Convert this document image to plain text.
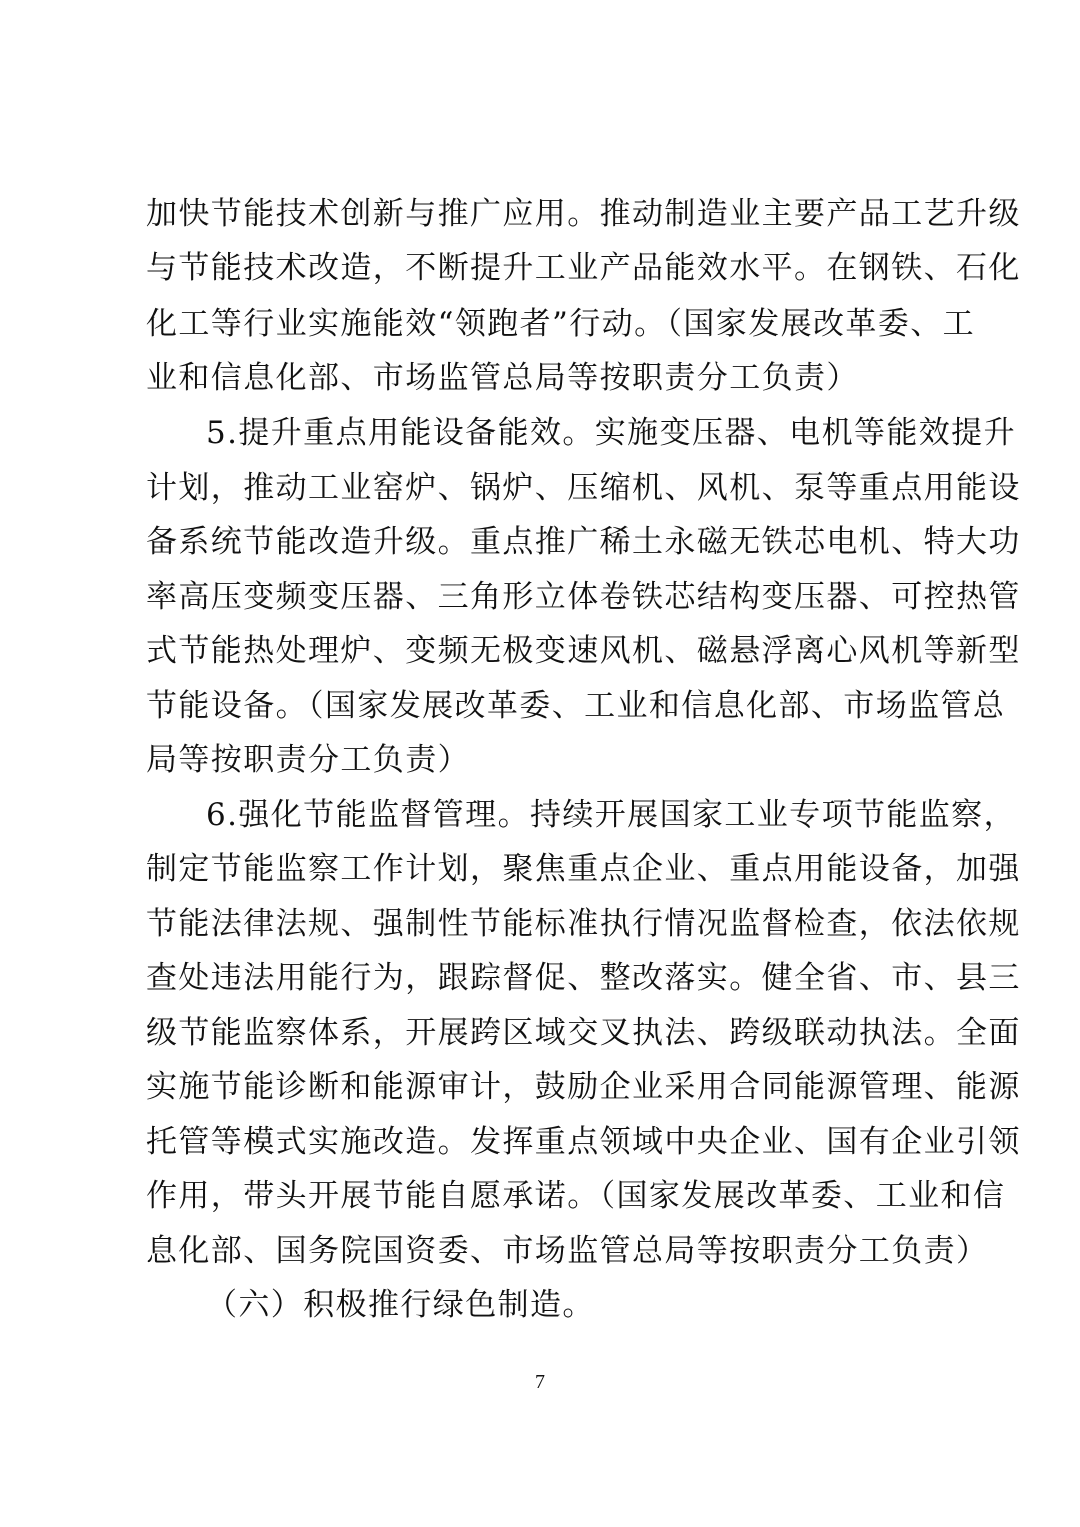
加快节能技术创新与推广应用。推动制造业主要产品工艺升级
与节能技术改造，不断提升工业产品能效水平。在钢铁、石化
化工等行业实施能效“领跑者”行动。（国家发展改革委、工
业和信息化部、市场监管总局等按职责分工负责）
5.提升重点用能设备能效。实施变压器、电机等能效提升
计划，推动工业窑炉、锅炉、压缩机、风机、泵等重点用能设
备系统节能改造升级。重点推广稀土永磁无铁芯电机、特大功
率高压变频变压器、三角形立体卷铁芯结构变压器、可控热管
式节能热处理炉、变频无极变速风机、磁悬浮离心风机等新型
节能设备。（国家发展改革委、工业和信息化部、市场监管总
局等按职责分工负责）
6.强化节能监督管理。持续开展国家工业专项节能监察，
制定节能监察工作计划，聚焦重点企业、重点用能设备，加强
节能法律法规、强制性节能标准执行情况监督检查，依法依规
查处违法用能行为，跟踪督促、整改落实。健全省、市、县三
级节能监察体系，开展跨区域交叉执法、跨级联动执法。全面
实施节能诊断和能源审计，鼓励企业采用合同能源管理、能源
托管等模式实施改造。发挥重点领域中央企业、国有企业引领
作用，带头开展节能自愿承诺。（国家发展改革委、工业和信
息化部、国务院国资委、市场监管总局等按职责分工负责）
（六）积极推行绿色制造。
7
